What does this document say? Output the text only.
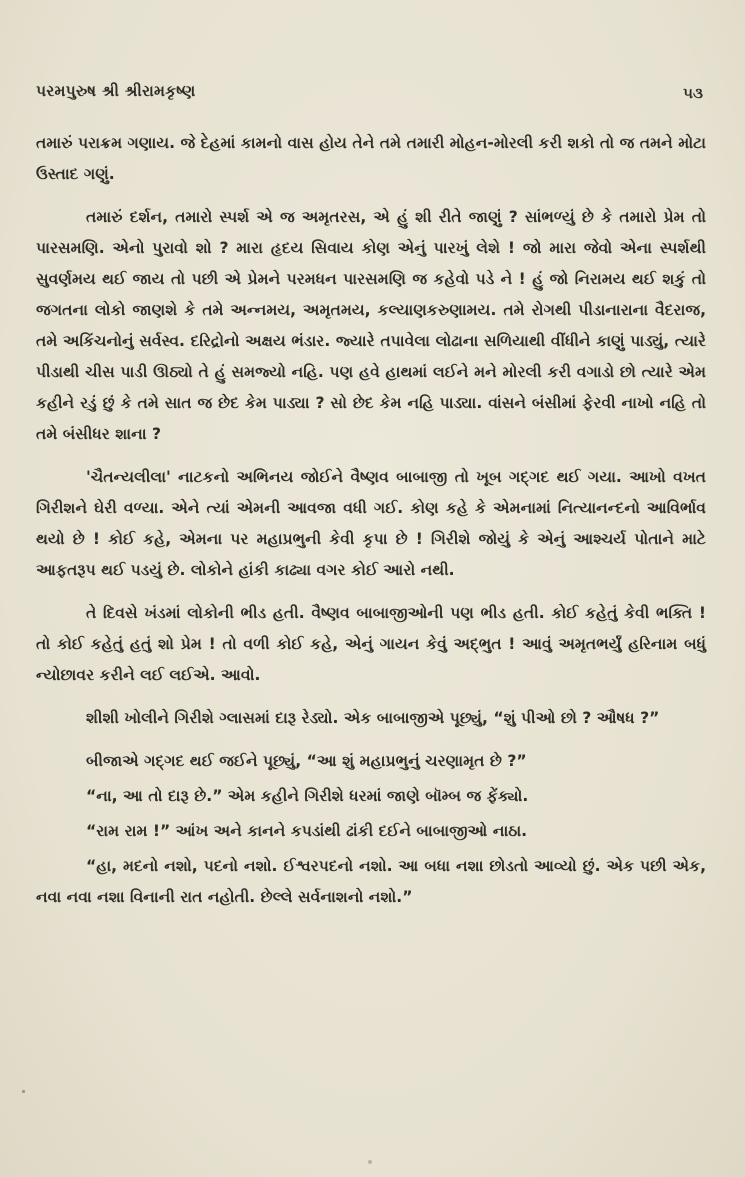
પરમપુરુષ શ્રી શ્રીરામકૃષ્ણ	૫૩

તમારું પરાક્રમ ગણાય. જે દેહમાં કામનો વાસ હોય તેને તમે તમારી મોહન-મોરલી કરી શકો તો જ તમને મોટા ઉસ્તાદ ગણું.

તમારું દર્શન, તમારો સ્પર્શ એ જ અમૃતરસ, એ હું શી રીતે જાણું ? સાંભળ્યું છે કે તમારો પ્રેમ તો પારસમણિ. એનો પુરાવો શો ? મારા હૃદય સિવાય કોણ એનું પારખું લેશે ! જો મારા જેવો એના સ્પર્શથી સુવર્ણમય થઈ જાય તો પછી એ પ્રેમને પરમધન પારસમણિ જ કહેવો પડે ને ! હું જો નિરામય થઈ શકું તો જગતના લોકો જાણશે કે તમે અન્નમય, અમૃતમય, કલ્યાણકરુણામય. તમે રોગથી પીડાનારાના વૈદરાજ, તમે અકિંચનોનું સર્વસ્વ. દરિદ્રોનો અક્ષય ભંડાર. જ્યારે તપાવેલા લોઢાના સળિયાથી વીંધીને કાણું પાડ્યું, ત્યારે પીડાથી ચીસ પાડી ઊઠ્યો તે હું સમજ્યો નહિ. પણ હવે હાથમાં લઈને મને મોરલી કરી વગાડો છો ત્યારે એમ કહીને રડું છું કે તમે સાત જ છેદ કેમ પાડ્યા ? સો છેદ કેમ નહિ પાડ્યા. વાંસને બંસીમાં ફેરવી નાખો નહિ તો તમે બંસીધર શાના ?

'ચૈતન્યલીલા' નાટકનો અભિનય જોઈને વૈષ્ણવ બાબાજી તો ખૂબ ગદ્‌ગદ થઈ ગયા. આખો વખત ગિરીશને ઘેરી વળ્યા. એને ત્યાં એમની આવજા વધી ગઈ. કોણ કહે કે એમનામાં નિત્યાનન્દનો આવિર્ભાવ થયો છે ! કોઈ કહે, એમના પર મહાપ્રભુની કેવી કૃપા છે ! ગિરીશે જોયું કે એનું આશ્ચર્ય પોતાને માટે આફતરૂપ થઈ પડયું છે. લોકોને હાંકી કાઢ્યા વગર કોઈ આરો નથી.

તે દિવસે ખંડમાં લોકોની ભીડ હતી. વૈષ્ણવ બાબાજીઓની પણ ભીડ હતી. કોઈ કહેતું કેવી ભક્તિ ! તો કોઈ કહેતું હતું શો પ્રેમ ! તો વળી કોઈ કહે, એનું ગાયન કેવું અદ્‌ભુત ! આવું અમૃતભર્યું હરિનામ બધું ન્યોછાવર કરીને લઈ લઈએ. આવો.

શીશી ખોલીને ગિરીશે ગ્લાસમાં દારૂ રેડ્યો. એક બાબાજીએ પૂછ્યું, “શું પીઓ છો ? ઔષધ ?”

બીજાએ ગદ્‌ગદ થઈ જઈને પૂછ્યું, “આ શું મહાપ્રભુનું ચરણામૃત છે ?”

“ના, આ તો દારૂ છે.” એમ કહીને ગિરીશે ધરમાં જાણે બૉમ્બ જ ફેંક્યો.

“રામ રામ !” આંખ અને કાનને કપડાંથી ઢાંકી દઈને બાબાજીઓ નાઠા.

“હા, મદનો નશો, પદનો નશો. ઈશ્વરપદનો નશો. આ બધા નશા છોડતો આવ્યો છું. એક પછી એક, નવા નવા નશા વિનાની રાત નહોતી. છેલ્લે સર્વનાશનો નશો.”
